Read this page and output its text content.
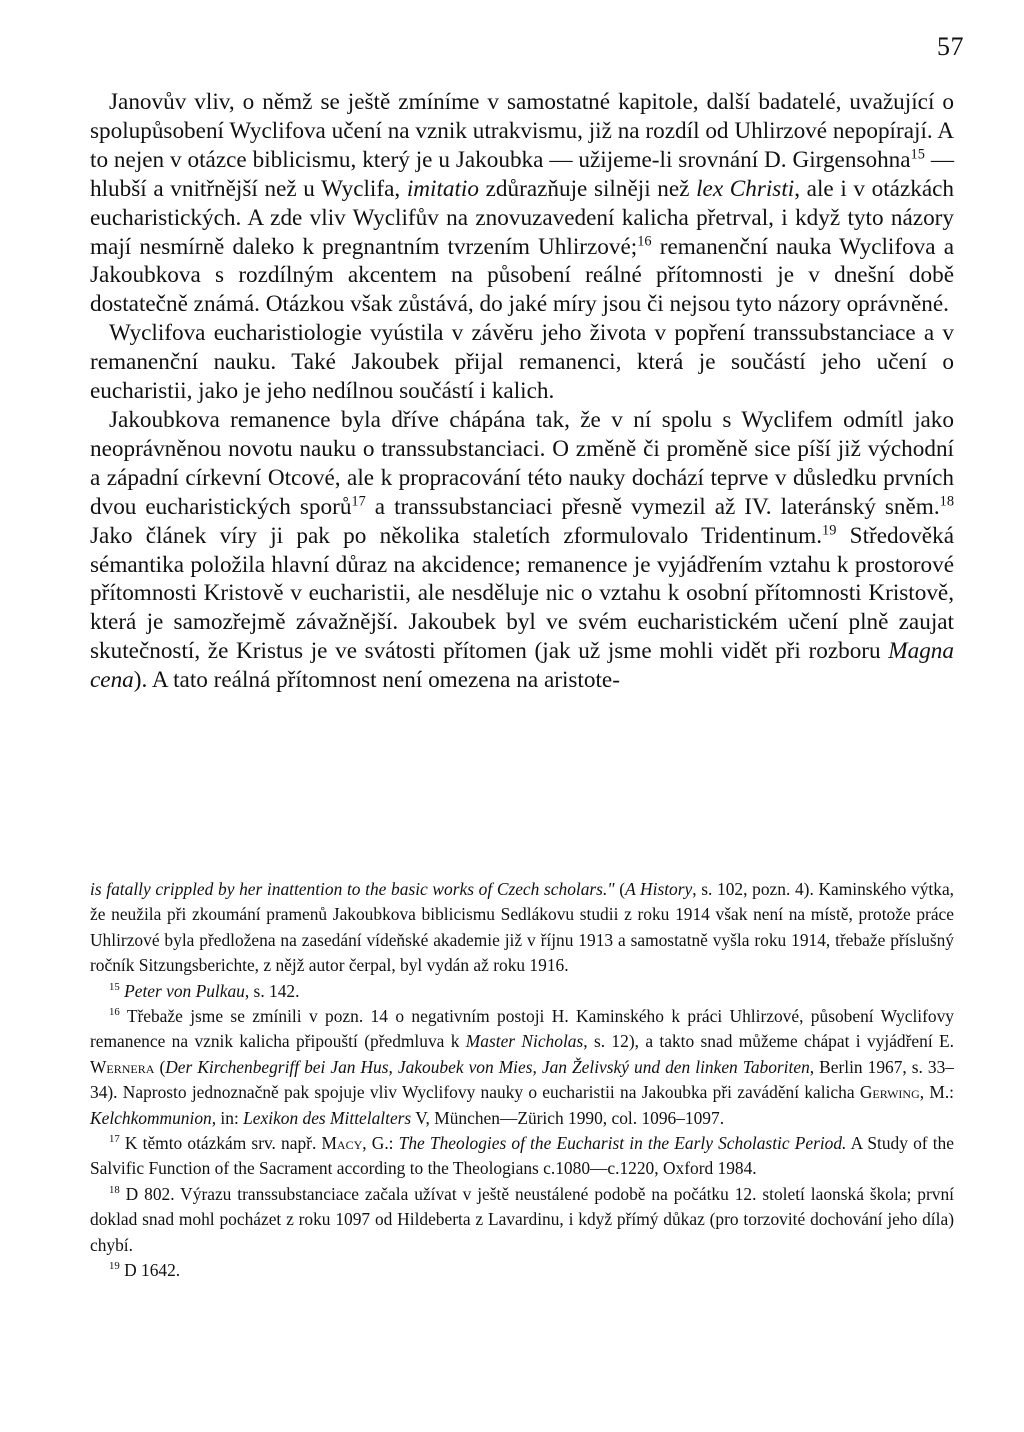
57

Janovův vliv, o němž se ještě zmíníme v samostatné kapitole, další badatelé, uvažující o spolupůsobení Wyclifova učení na vznik utrakvismu, již na rozdíl od Uhlirzové nepopírají. A to nejen v otázce biblicismu, který je u Jakoubka — užijeme-li srovnání D. Girgensohna$^{15}$ — hlubší a vnitřnější než u Wyclifa, imitatio zdůrazňuje silněji než lex Christi, ale i v otázkách eucharistických. A zde vliv Wyclifův na znovuzavedení kalicha přetrval, i když tyto názory mají nesmírně daleko k pregnantním tvrzením Uhlirzové;$^{16}$ remanenční nauka Wyclifova a Jakoubkova s rozdílným akcentem na působení reálné přítomnosti je v dnešní době dostatečně známá. Otázkou však zůstává, do jaké míry jsou či nejsou tyto názory oprávněné.

Wyclifova eucharistiologie vyústila v závěru jeho života v popření transsubstanciace a v remanenční nauku. Také Jakoubek přijal remanenci, která je součástí jeho učení o eucharistii, jako je jeho nedílnou součástí i kalich.

Jakoubkova remanence byla dříve chápána tak, že v ní spolu s Wyclifem odmítl jako neoprávněnou novotu nauku o transsubstanciaci. O změně či proměně sice píší již východní a západní církevní Otcové, ale k propracování této nauky dochází teprve v důsledku prvních dvou eucharistických sporů$^{17}$ a transsubstanciaci přesně vymezil až IV. lateránský sněm.$^{18}$ Jako článek víry ji pak po několika staletích zformulovalo Tridentinum.$^{19}$ Středověká sémantika položila hlavní důraz na akcidence; remanence je vyjádřením vztahu k prostorové přítomnosti Kristově v eucharistii, ale nesděluje nic o vztahu k osobní přítomnosti Kristově, která je samozřejmě závažnější. Jakoubek byl ve svém eucharistickém učení plně zaujat skutečností, že Kristus je ve svátosti přítomen (jak už jsme mohli vidět při rozboru Magna cena). A tato reálná přítomnost není omezena na aristote-

is fatally crippled by her inattention to the basic works of Czech scholars." (A History, s. 102, pozn. 4). Kaminského výtka, že neužila při zkoumání pramenů Jakoubkova biblicismu Sedlákovu studii z roku 1914 však není na místě, protože práce Uhlirzové byla předložena na zasedání vídeňské akademie již v říjnu 1913 a samostatně vyšla roku 1914, třebaže příslušný ročník Sitzungsberichte, z nějž autor čerpal, byl vydán až roku 1916.

$^{15}$ Peter von Pulkau, s. 142.

$^{16}$ Třebaže jsme se zmínili v pozn. 14 o negativním postoji H. Kaminského k práci Uhlirzové, působení Wyclifovy remanence na vznik kalicha připouští (předmluva k Master Nicholas, s. 12), a takto snad můžeme chápat i vyjádření E. Wernera (Der Kirchenbegriff bei Jan Hus, Jakoubek von Mies, Jan Želivský und den linken Taboriten, Berlin 1967, s. 33–34). Naprosto jednoznačně pak spojuje vliv Wyclifovy nauky o eucharistii na Jakoubka při zavádění kalicha Gerwing, M.: Kelchkommunion, in: Lexikon des Mittelalters V, München—Zürich 1990, col. 1096–1097.

$^{17}$ K těmto otázkám srv. např. Macy, G.: The Theologies of the Eucharist in the Early Scholastic Period. A Study of the Salvific Function of the Sacrament according to the Theologians c.1080—c.1220, Oxford 1984.

$^{18}$ D 802. Výrazu transsubstanciace začala užívat v ještě neustálené podobě na počátku 12. století laonská škola; první doklad snad mohl pocházet z roku 1097 od Hildeberta z Lavardinu, i když přímý důkaz (pro torzovité dochování jeho díla) chybí.

$^{19}$ D 1642.
